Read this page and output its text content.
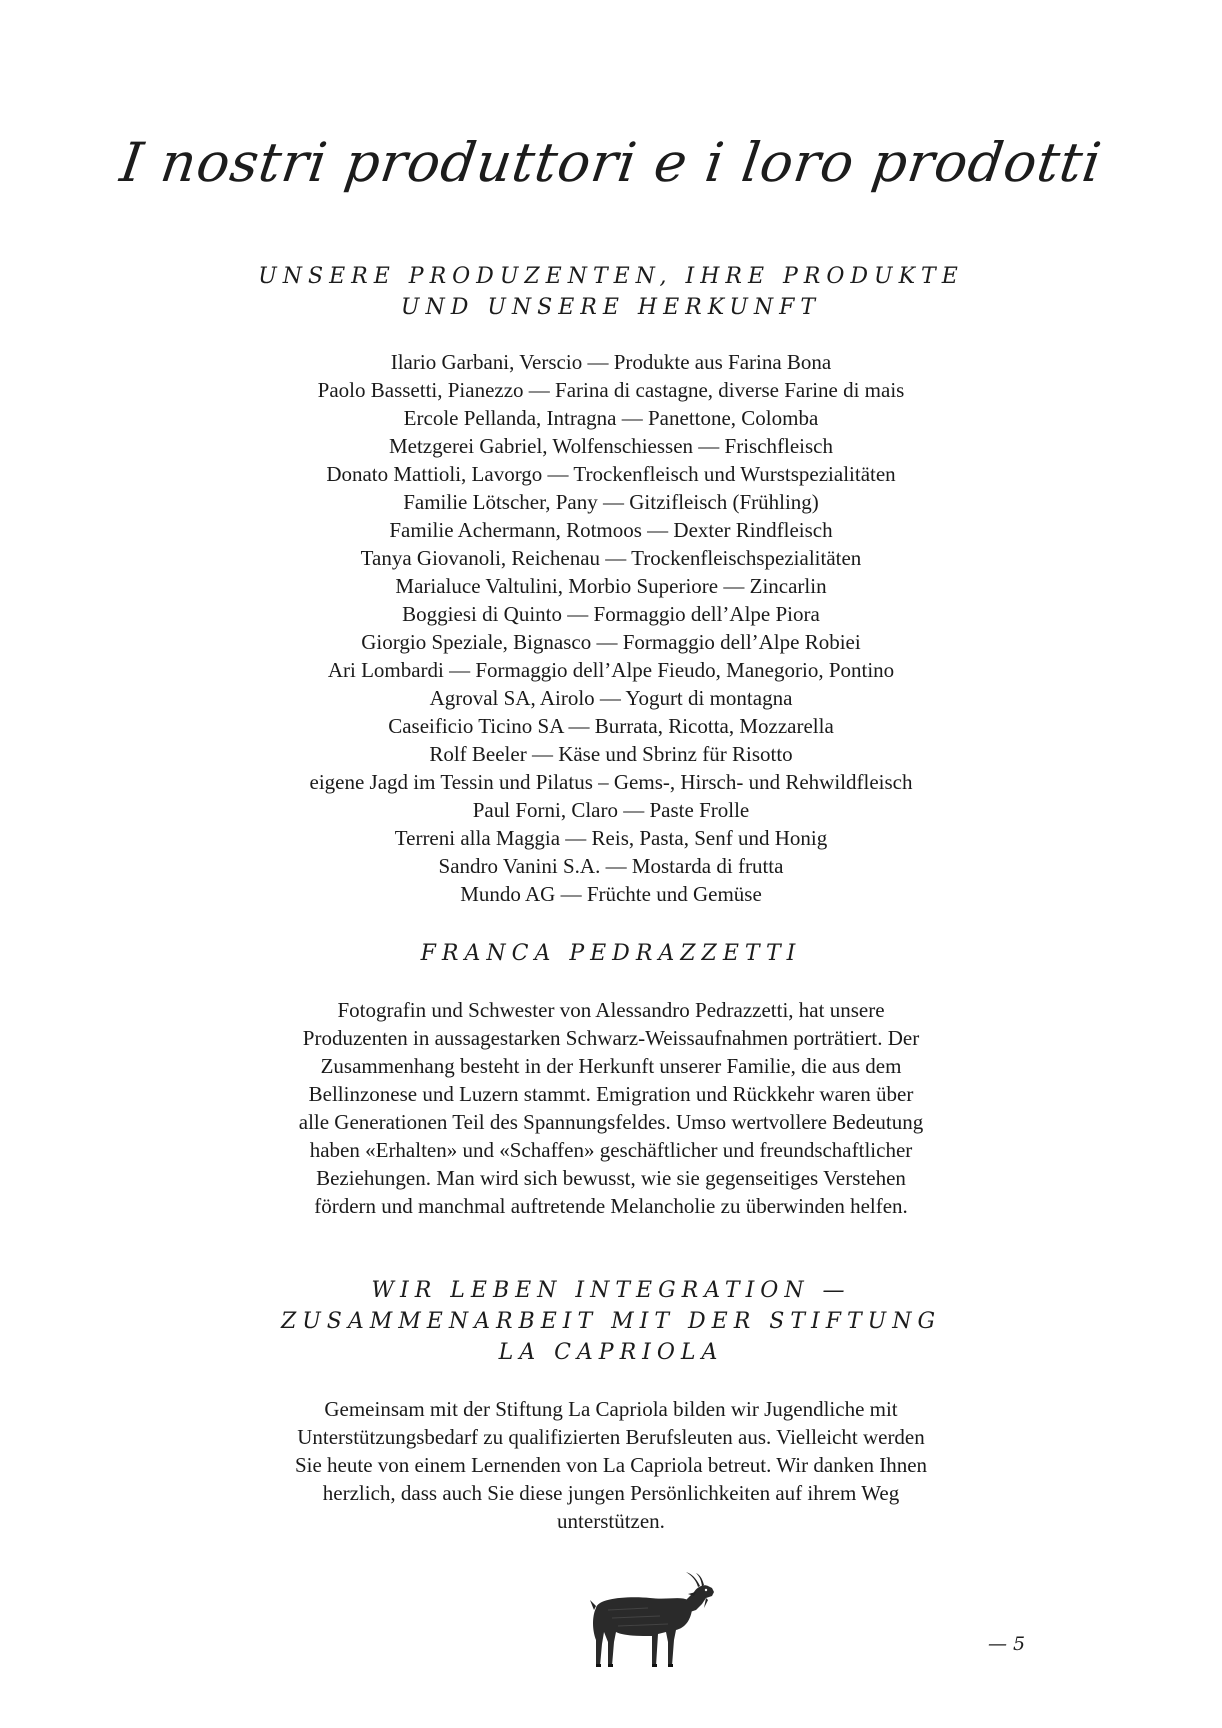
I nostri produttori e i loro prodotti
UNSERE PRODUZENTEN, IHRE PRODUKTE
UND UNSERE HERKUNFT
Ilario Garbani, Verscio — Produkte aus Farina Bona
Paolo Bassetti, Pianezzo — Farina di castagne, diverse Farine di mais
Ercole Pellanda, Intragna — Panettone, Colomba
Metzgerei Gabriel, Wolfenschiessen — Frischfleisch
Donato Mattioli, Lavorgo — Trockenfleisch und Wurstspezialitäten
Familie Lötscher, Pany — Gitzifleisch (Frühling)
Familie Achermann, Rotmoos — Dexter Rindfleisch
Tanya Giovanoli, Reichenau — Trockenfleischspezialitäten
Marialuce Valtulini, Morbio Superiore — Zincarlin
Boggiesi di Quinto — Formaggio dell’Alpe Piora
Giorgio Speziale, Bignasco — Formaggio dell’Alpe Robiei
Ari Lombardi — Formaggio dell’Alpe Fieudo, Manegorio, Pontino
Agroval SA, Airolo — Yogurt di montagna
Caseificio Ticino SA — Burrata, Ricotta, Mozzarella
Rolf Beeler — Käse und Sbrinz für Risotto
eigene Jagd im Tessin und Pilatus – Gems-, Hirsch- und Rehwildfleisch
Paul Forni, Claro — Paste Frolle
Terreni alla Maggia — Reis, Pasta, Senf und Honig
Sandro Vanini S.A. — Mostarda di frutta
Mundo AG — Früchte und Gemüse
FRANCA PEDRAZZETTI

Fotografin und Schwester von Alessandro Pedrazzetti, hat unsere Produzenten in aussagestarken Schwarz-Weissaufnahmen porträtiert. Der Zusammenhang besteht in der Herkunft unserer Familie, die aus dem Bellinzonese und Luzern stammt. Emigration und Rückkehr waren über alle Generationen Teil des Spannungsfeldes. Umso wertvollere Bedeutung haben «Erhalten» und «Schaffen» geschäftlicher und freundschaftlicher Beziehungen. Man wird sich bewusst, wie sie gegenseitiges Verstehen fördern und manchmal auftretende Melancholie zu überwinden helfen.

WIR LEBEN INTEGRATION —
ZUSAMMENARBEIT MIT DER STIFTUNG
LA CAPRIOLA

Gemeinsam mit der Stiftung La Capriola bilden wir Jugendliche mit Unterstützungsbedarf zu qualifizierten Berufsleuten aus. Vielleicht werden Sie heute von einem Lernenden von La Capriola betreut. Wir danken Ihnen herzlich, dass auch Sie diese jungen Persönlichkeiten auf ihrem Weg unterstützen.

— 5
